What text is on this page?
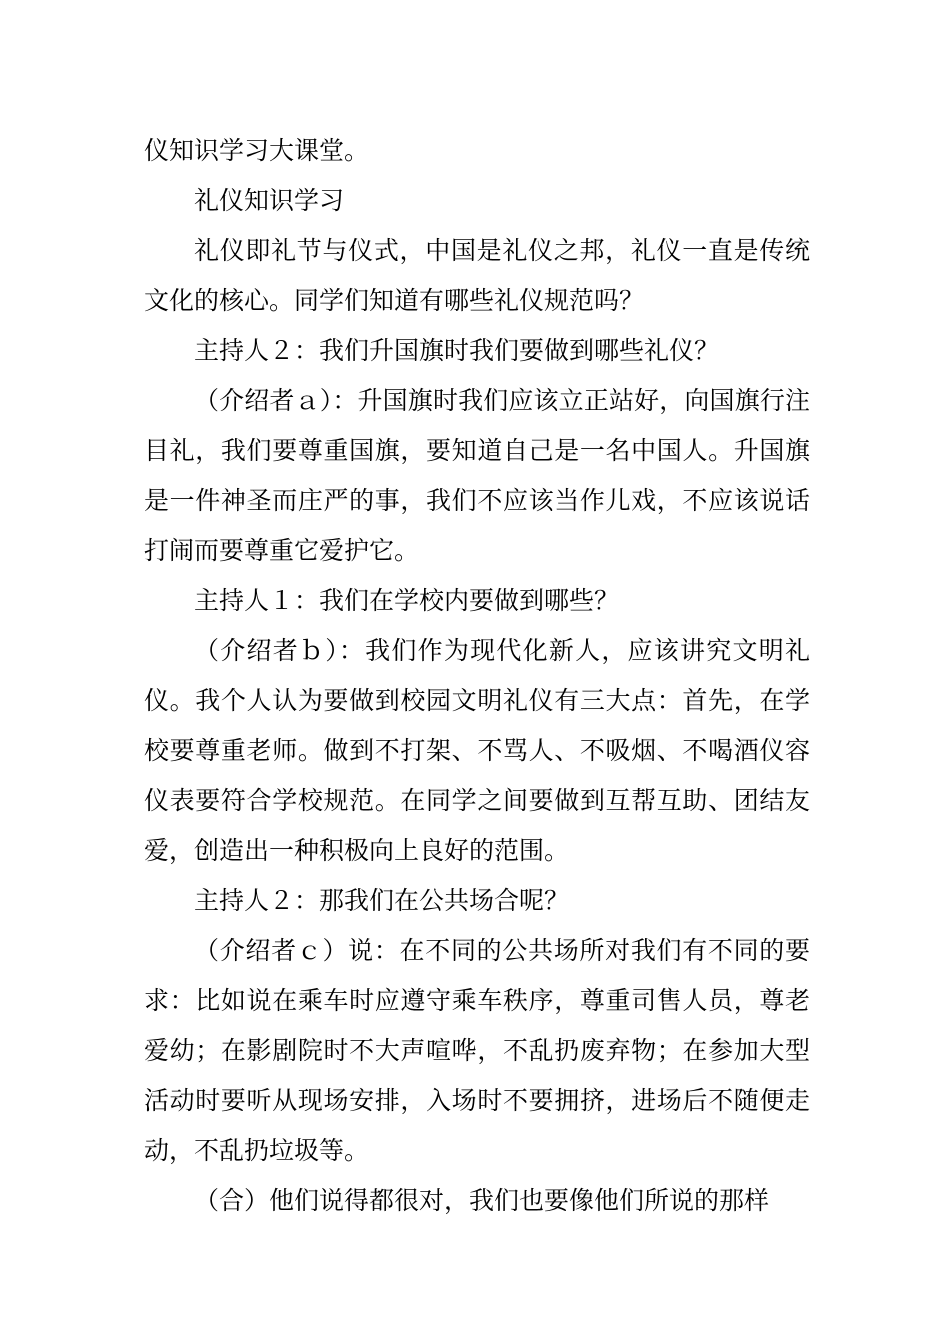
仪知识学习大课堂。

礼仪知识学习

礼仪即礼节与仪式，中国是礼仪之邦，礼仪一直是传统文化的核心。同学们知道有哪些礼仪规范吗？

主持人２：我们升国旗时我们要做到哪些礼仪？

（介绍者ａ）：升国旗时我们应该立正站好，向国旗行注目礼，我们要尊重国旗，要知道自己是一名中国人。升国旗是一件神圣而庄严的事，我们不应该当作儿戏，不应该说话打闹而要尊重它爱护它。

主持人１：我们在学校内要做到哪些？

（介绍者ｂ）：我们作为现代化新人，应该讲究文明礼仪。我个人认为要做到校园文明礼仪有三大点：首先，在学校要尊重老师。做到不打架、不骂人、不吸烟、不喝酒仪容仪表要符合学校规范。在同学之间要做到互帮互助、团结友爱，创造出一种积极向上良好的范围。

主持人２：那我们在公共场合呢？

（介绍者ｃ）说：在不同的公共场所对我们有不同的要求：比如说在乘车时应遵守乘车秩序，尊重司售人员，尊老爱幼；在影剧院时不大声喧哗，不乱扔废弃物；在参加大型活动时要听从现场安排，入场时不要拥挤，进场后不随便走动，不乱扔垃圾等。

（合）他们说得都很对，我们也要像他们所说的那样
